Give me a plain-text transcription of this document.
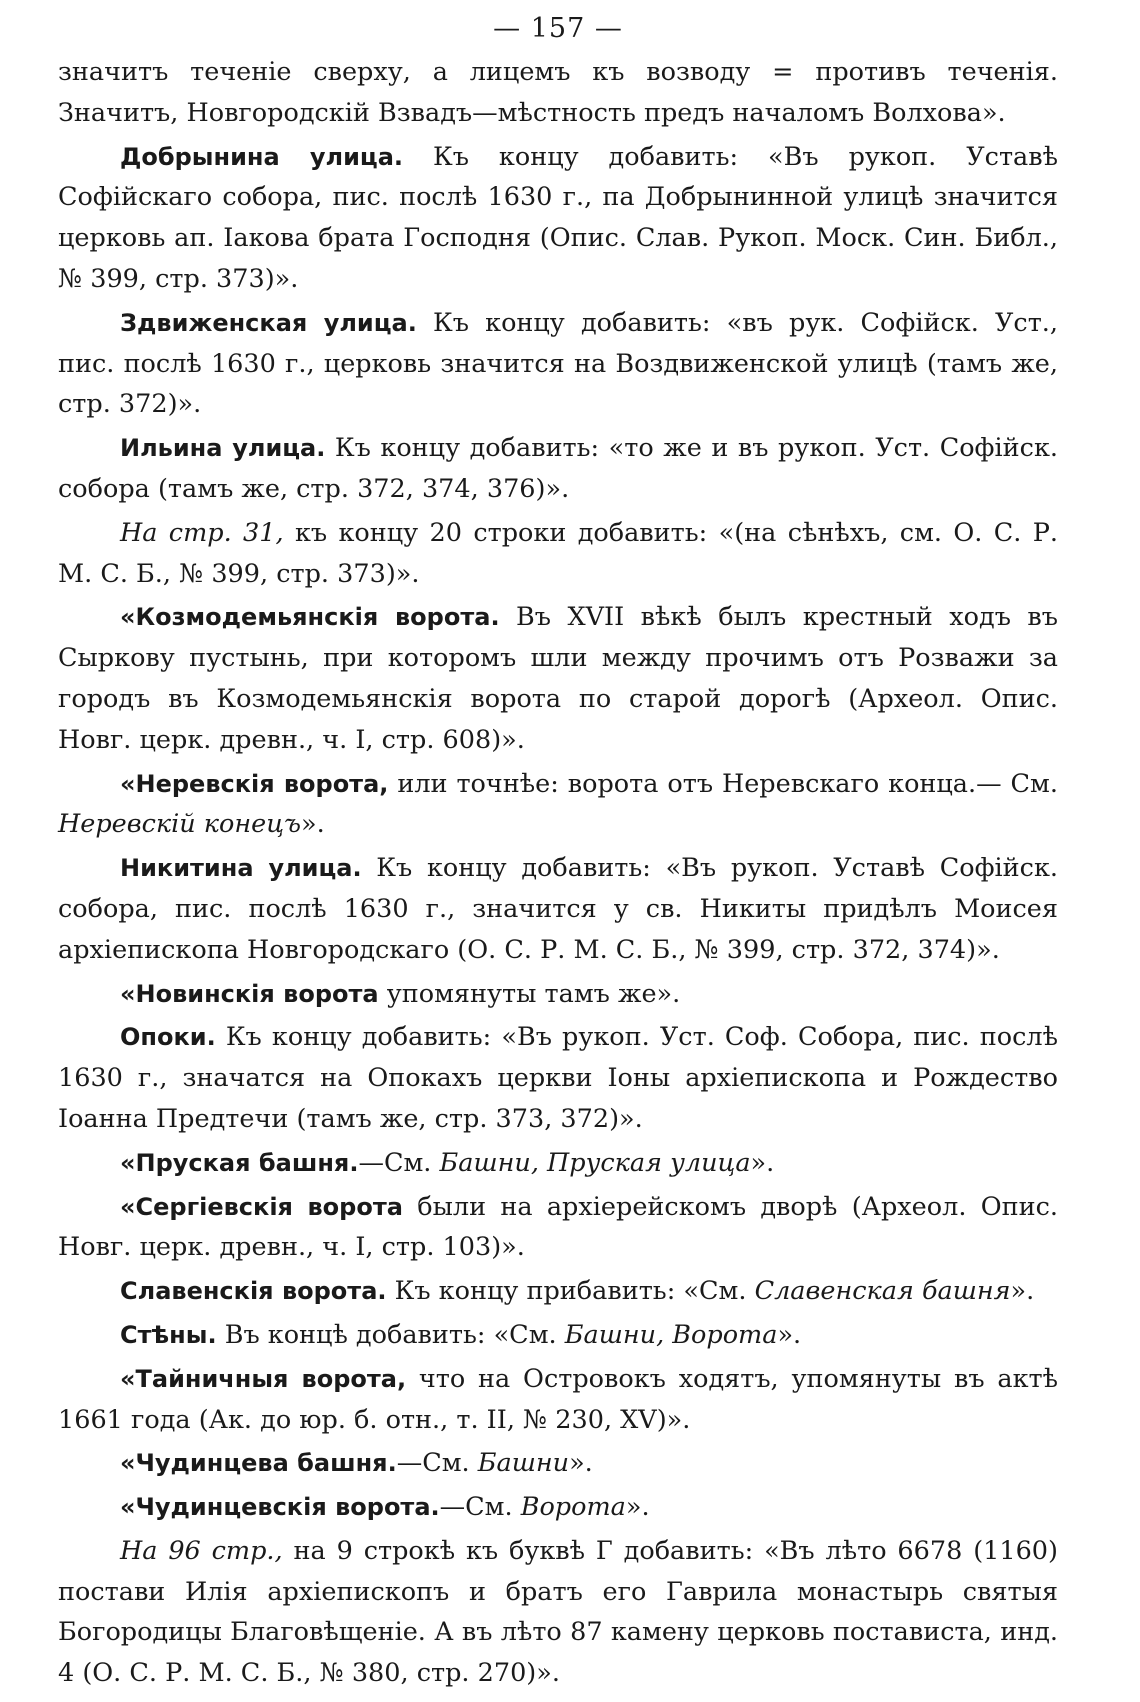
— 157 —

значитъ теченіе сверху, а лицемъ къ возводу = противъ теченія. Значитъ, Новгородскій Взвадъ—мѣстность предъ началомъ Волхова».

Добрынина улица. Къ концу добавить: «Въ рукоп. Уставѣ Софійскаго собора, пис. послѣ 1630 г., па Добрынинной улицѣ значится церковь ап. Іакова брата Господня (Опис. Слав. Рукоп. Моск. Син. Библ., № 399, стр. 373)».

Здвиженская улица. Къ концу добавить: «въ рук. Софійск. Уст., пис. послѣ 1630 г., церковь значится на Воздвиженской улицѣ (тамъ же, стр. 372)».

Ильина улица. Къ концу добавить: «то же и въ рукоп. Уст. Софійск. собора (тамъ же, стр. 372, 374, 376)».

На стр. 31, къ концу 20 строки добавить: «(на сѣнѣхъ, см. О. С. Р. М. С. Б., № 399, стр. 373)».

«Козмодемьянскія ворота. Въ XVII вѣкѣ былъ крестный ходъ въ Сыркову пустынь, при которомъ шли между прочимъ отъ Розважи за городъ въ Козмодемьянскія ворота по старой дорогѣ (Археол. Опис. Новг. церк. древн., ч. I, стр. 608)».

«Неревскія ворота, или точнѣе: ворота отъ Неревскаго конца.— См. Неревскій конецъ».

Никитина улица. Къ концу добавить: «Въ рукоп. Уставѣ Софійск. собора, пис. послѣ 1630 г., значится у св. Никиты придѣлъ Моисея архіепископа Новгородскаго (О. С. Р. М. С. Б., № 399, стр. 372, 374)».

«Новинскія ворота упомянуты тамъ же».

Опоки. Къ концу добавить: «Въ рукоп. Уст. Соф. Собора, пис. послѣ 1630 г., значатся на Опокахъ церкви Іоны архіепископа и Рождество Іоанна Предтечи (тамъ же, стр. 373, 372)».

«Пруская башня.—См. Башни, Пруская улица».

«Сергіевскія ворота были на архіерейскомъ дворѣ (Археол. Опис. Новг. церк. древн., ч. I, стр. 103)».

Славенскія ворота. Къ концу прибавить: «См. Славенская башня».

Стѣны. Въ концѣ добавить: «См. Башни, Ворота».

«Тайничныя ворота, что на Островокъ ходятъ, упомянуты въ актѣ 1661 года (Ак. до юр. б. отн., т. II, № 230, XV)».

«Чудинцева башня.—См. Башни».

«Чудинцевскія ворота.—См. Ворота».

На 96 стр., на 9 строкѣ къ буквѣ Г добавить: «Въ лѣто 6678 (1160) постави Илія архіепископъ и братъ его Гаврила монастырь святыя Богородицы Благовѣщеніе. А въ лѣто 87 камену церковь постависта, инд. 4 (О. С. Р. М. С. Б., № 380, стр. 270)».
